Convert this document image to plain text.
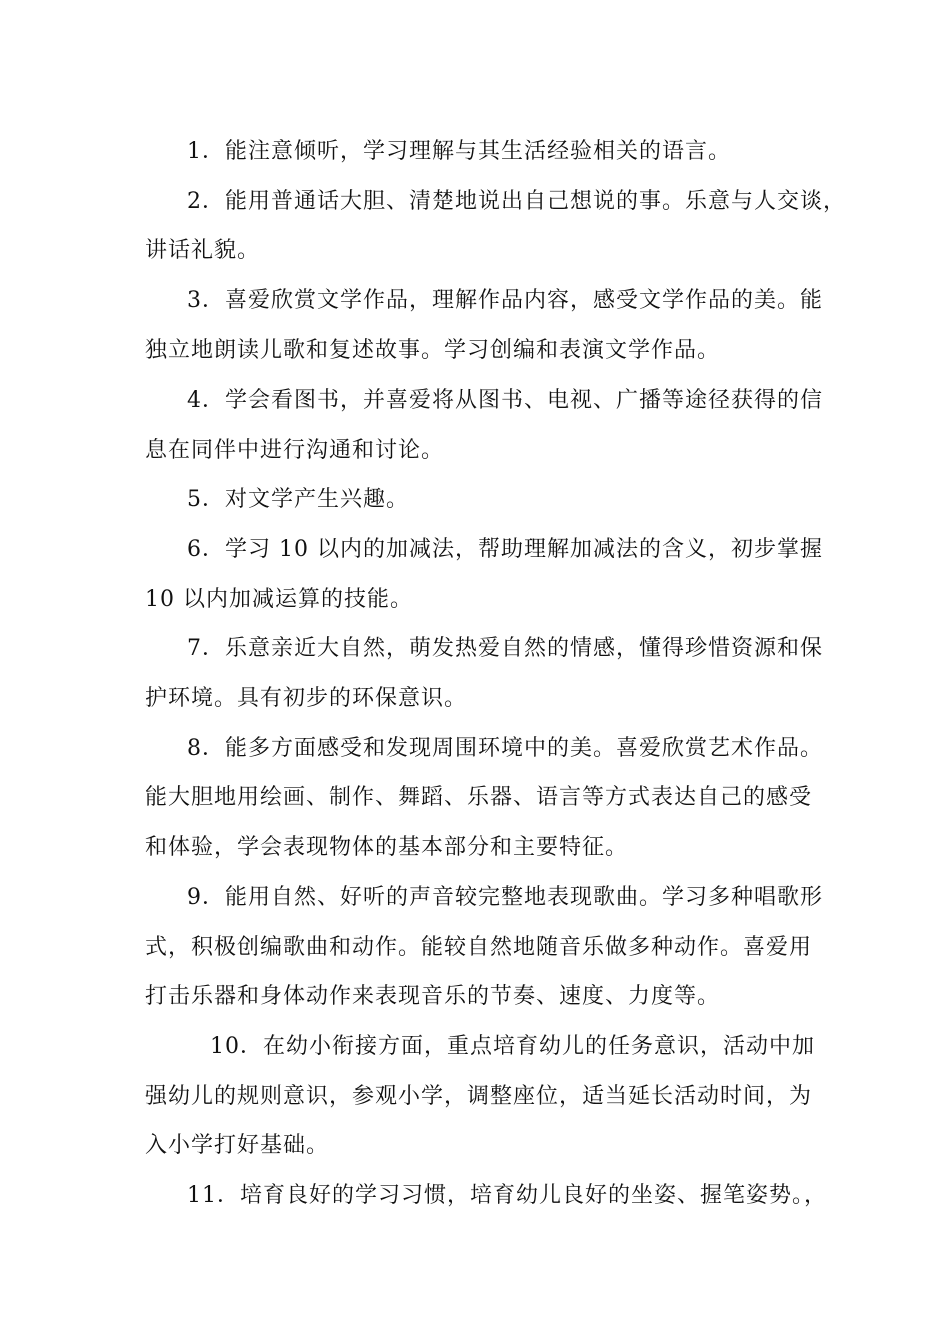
1．能注意倾听，学习理解与其生活经验相关的语言。
2．能用普通话大胆、清楚地说出自己想说的事。乐意与人交谈，
讲话礼貌。
3．喜爱欣赏文学作品，理解作品内容，感受文学作品的美。能
独立地朗读儿歌和复述故事。学习创编和表演文学作品。
4．学会看图书，并喜爱将从图书、电视、广播等途径获得的信
息在同伴中进行沟通和讨论。
5．对文学产生兴趣。
6．学习 10 以内的加减法，帮助理解加减法的含义，初步掌握
10 以内加减运算的技能。
7．乐意亲近大自然，萌发热爱自然的情感，懂得珍惜资源和保
护环境。具有初步的环保意识。
8．能多方面感受和发现周围环境中的美。喜爱欣赏艺术作品。
能大胆地用绘画、制作、舞蹈、乐器、语言等方式表达自己的感受
和体验，学会表现物体的基本部分和主要特征。
9．能用自然、好听的声音较完整地表现歌曲。学习多种唱歌形
式，积极创编歌曲和动作。能较自然地随音乐做多种动作。喜爱用
打击乐器和身体动作来表现音乐的节奏、速度、力度等。
10．在幼小衔接方面，重点培育幼儿的任务意识，活动中加
强幼儿的规则意识，参观小学，调整座位，适当延长活动时间，为
入小学打好基础。
11．培育良好的学习习惯，培育幼儿良好的坐姿、握笔姿势。，
